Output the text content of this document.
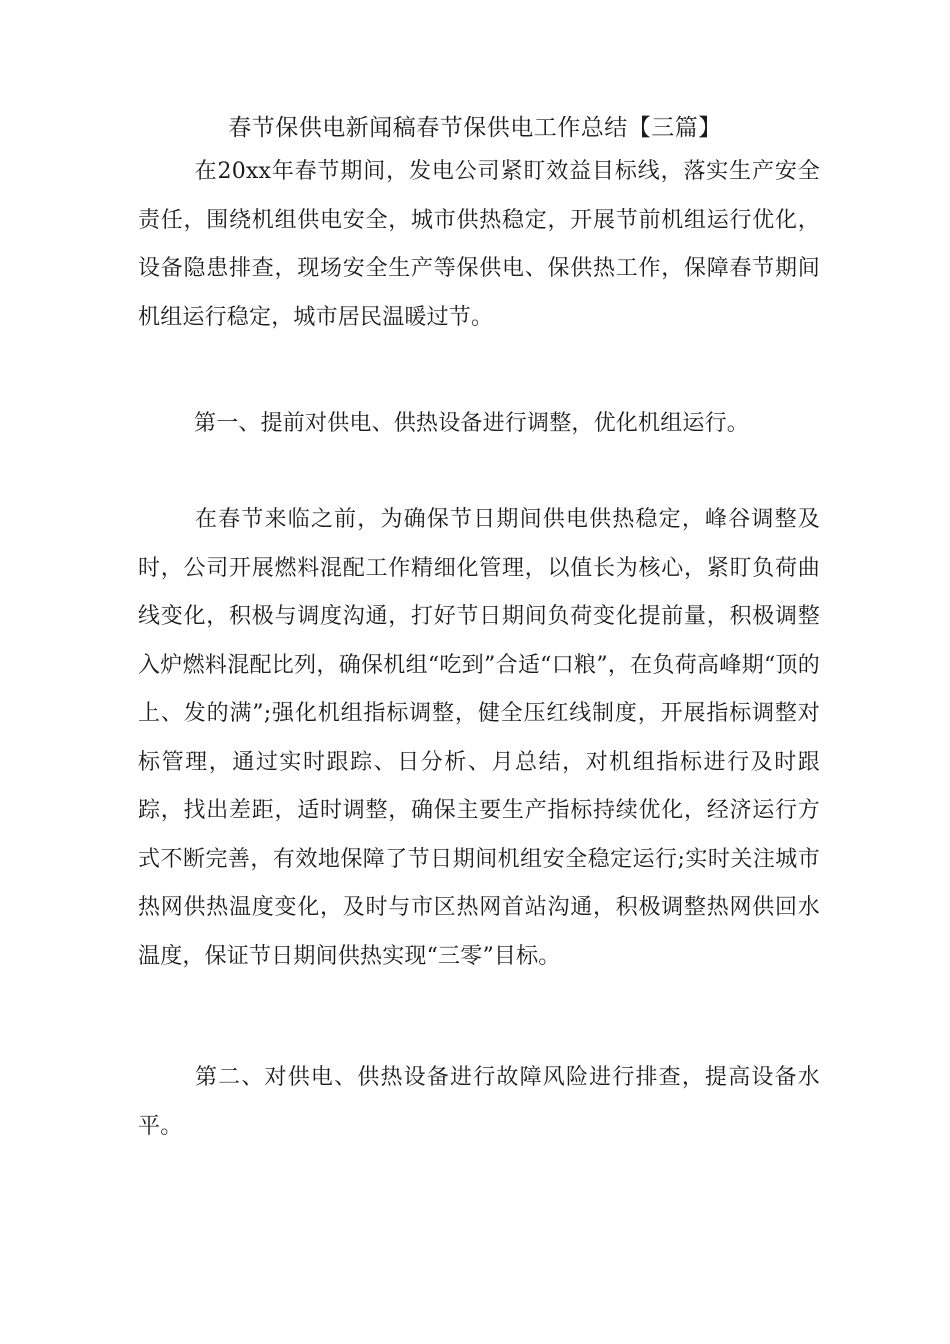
春节保供电新闻稿春节保供电工作总结【三篇】
在20xx年春节期间，发电公司紧盯效益目标线，落实生产安全责任，围绕机组供电安全，城市供热稳定，开展节前机组运行优化，设备隐患排查，现场安全生产等保供电、保供热工作，保障春节期间机组运行稳定，城市居民温暖过节。
第一、提前对供电、供热设备进行调整，优化机组运行。
在春节来临之前，为确保节日期间供电供热稳定，峰谷调整及时，公司开展燃料混配工作精细化管理，以值长为核心，紧盯负荷曲线变化，积极与调度沟通，打好节日期间负荷变化提前量，积极调整入炉燃料混配比列，确保机组“吃到”合适“口粮”，在负荷高峰期“顶的上、发的满”;强化机组指标调整，健全压红线制度，开展指标调整对标管理，通过实时跟踪、日分析、月总结，对机组指标进行及时跟踪，找出差距，适时调整，确保主要生产指标持续优化，经济运行方式不断完善，有效地保障了节日期间机组安全稳定运行;实时关注城市热网供热温度变化，及时与市区热网首站沟通，积极调整热网供回水温度，保证节日期间供热实现“三零”目标。
第二、对供电、供热设备进行故障风险进行排查，提高设备水平。
